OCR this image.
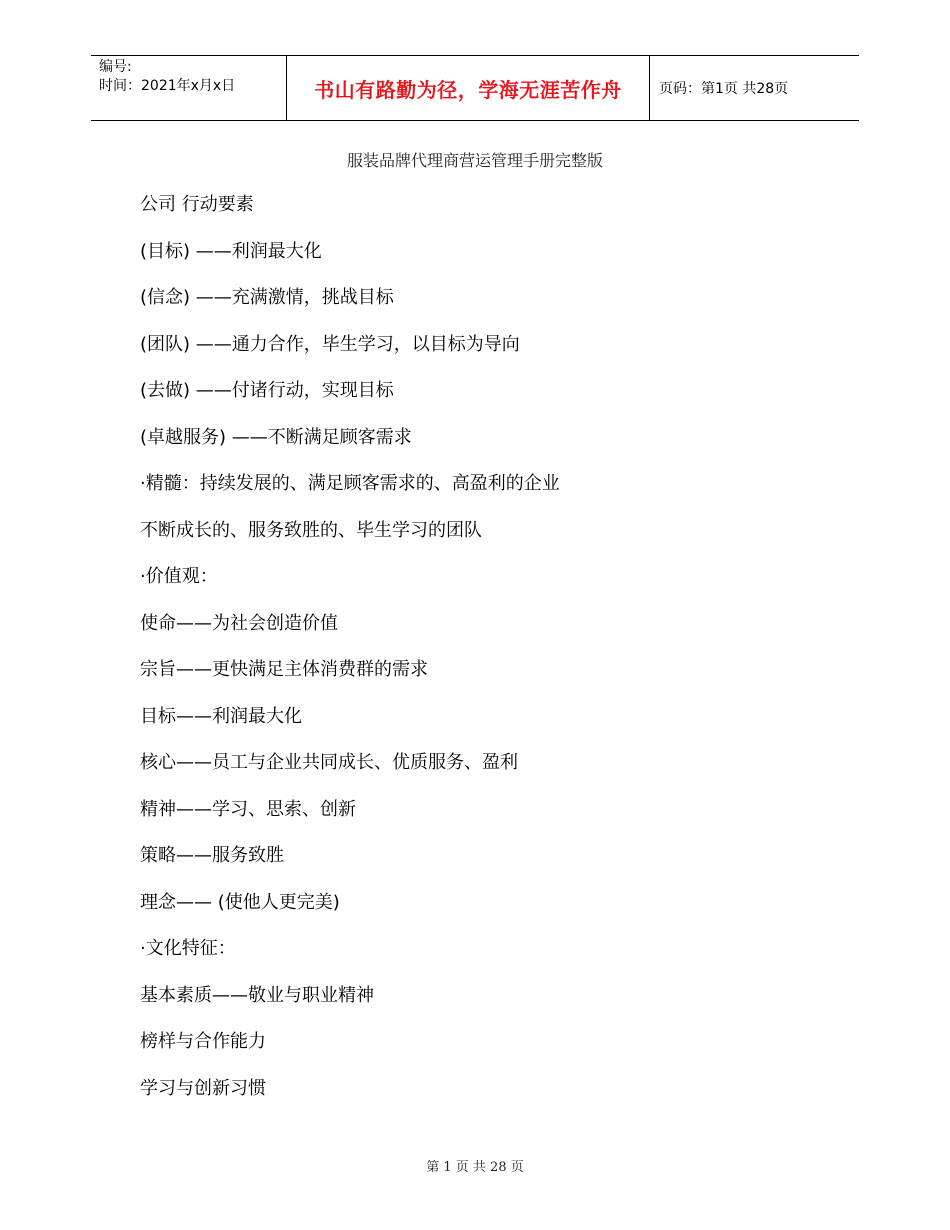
编号:
时间：2021年x月x日	书山有路勤为径，学海无涯苦作舟	页码：第1页 共28页
服装品牌代理商营运管理手册完整版
公司 行动要素
(目标) ——利润最大化
(信念) ——充满激情，挑战目标
(团队) ——通力合作，毕生学习，以目标为导向
(去做) ——付诸行动，实现目标
(卓越服务) ——不断满足顾客需求
·精髓：持续发展的、满足顾客需求的、高盈利的企业
不断成长的、服务致胜的、毕生学习的团队
·价值观：
使命——为社会创造价值
宗旨——更快满足主体消费群的需求
目标——利润最大化
核心——员工与企业共同成长、优质服务、盈利
精神——学习、思索、创新
策略——服务致胜
理念—— (使他人更完美)
·文化特征：
基本素质——敬业与职业精神
榜样与合作能力
学习与创新习惯
第 1 页 共 28 页
